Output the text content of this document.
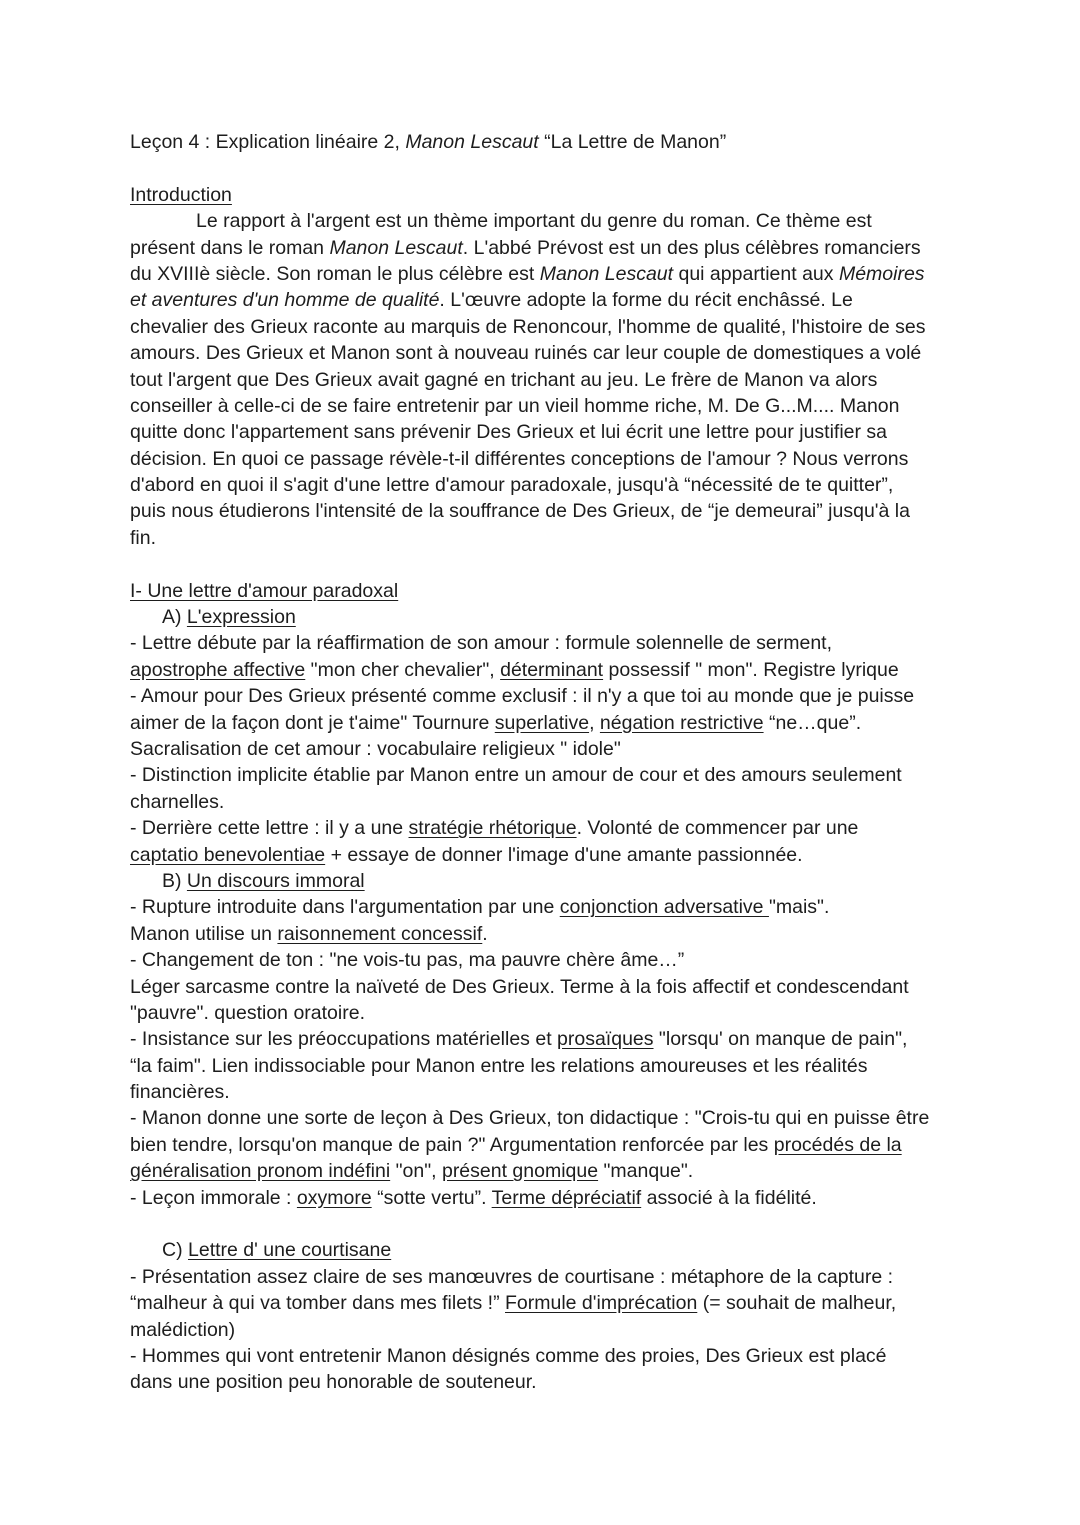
Leçon 4 : Explication linéaire 2, Manon Lescaut “La Lettre de Manon”
Introduction
Le rapport à l'argent est un thème important du genre du roman. Ce thème est
présent dans le roman Manon Lescaut. L'abbé Prévost est un des plus célèbres romanciers
du XVIIIè siècle. Son roman le plus célèbre est Manon Lescaut qui appartient aux Mémoires
et aventures d'un homme de qualité. L'œuvre adopte la forme du récit enchâssé. Le
chevalier des Grieux raconte au marquis de Renoncour, l'homme de qualité, l'histoire de ses
amours. Des Grieux et Manon sont à nouveau ruinés car leur couple de domestiques a volé
tout l'argent que Des Grieux avait gagné en trichant au jeu. Le frère de Manon va alors
conseiller à celle-ci de se faire entretenir par un vieil homme riche, M. De G...M.... Manon
quitte donc l'appartement sans prévenir Des Grieux et lui écrit une lettre pour justifier sa
décision. En quoi ce passage révèle-t-il différentes conceptions de l'amour ? Nous verrons
d'abord en quoi il s'agit d'une lettre d'amour paradoxale, jusqu'à “nécessité de te quitter”,
puis nous étudierons l'intensité de la souffrance de Des Grieux, de “je demeurai” jusqu'à la
fin.
I- Une lettre d'amour paradoxal
A) L'expression
- Lettre débute par la réaffirmation de son amour : formule solennelle de serment,
apostrophe affective "mon cher chevalier", déterminant possessif " mon". Registre lyrique
- Amour pour Des Grieux présenté comme exclusif : il n'y a que toi au monde que je puisse
aimer de la façon dont je t'aime" Tournure superlative, négation restrictive “ne…que”.
Sacralisation de cet amour : vocabulaire religieux " idole"
- Distinction implicite établie par Manon entre un amour de cour et des amours seulement
charnelles.
- Derrière cette lettre : il y a une stratégie rhétorique. Volonté de commencer par une
captatio benevolentiae + essaye de donner l'image d'une amante passionnée.
B) Un discours immoral
- Rupture introduite dans l'argumentation par une conjonction adversative "mais".
Manon utilise un raisonnement concessif.
- Changement de ton : "ne vois-tu pas, ma pauvre chère âme…”
Léger sarcasme contre la naïveté de Des Grieux. Terme à la fois affectif et condescendant
"pauvre". question oratoire.
- Insistance sur les préoccupations matérielles et prosaïques "lorsqu' on manque de pain",
“la faim". Lien indissociable pour Manon entre les relations amoureuses et les réalités
financières.
- Manon donne une sorte de leçon à Des Grieux, ton didactique : "Crois-tu qui en puisse être
bien tendre, lorsqu'on manque de pain ?" Argumentation renforcée par les procédés de la
généralisation pronom indéfini "on", présent gnomique "manque".
- Leçon immorale : oxymore “sotte vertu”. Terme dépréciatif associé à la fidélité.
C) Lettre d' une courtisane
- Présentation assez claire de ses manœuvres de courtisane : métaphore de la capture :
“malheur à qui va tomber dans mes filets !” Formule d'imprécation (= souhait de malheur,
malédiction)
- Hommes qui vont entretenir Manon désignés comme des proies, Des Grieux est placé
dans une position peu honorable de souteneur.
